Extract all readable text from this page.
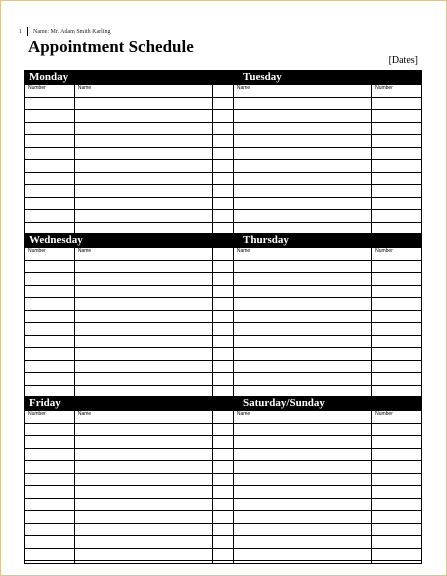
1 Name: Mr. Adam Smith Karling
Appointment Schedule
[Dates]
Monday	Tuesday
Number	Name		Name	Number

Wednesday	Thursday
Number	Name		Name	Number

Friday	Saturday/Sunday
Number	Name		Name	Number
